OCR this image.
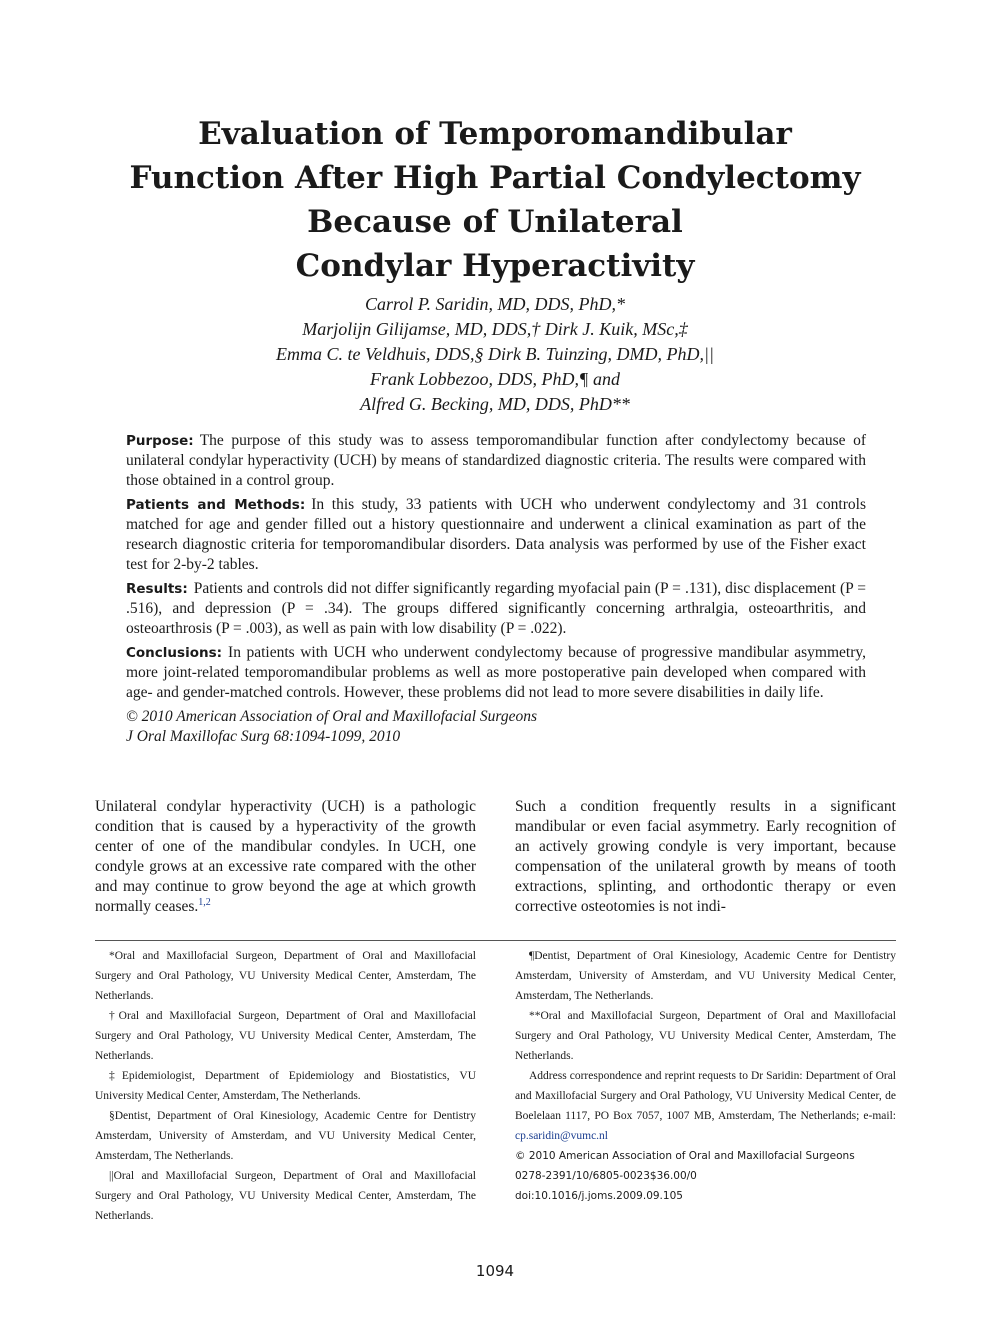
Evaluation of Temporomandibular
Function After High Partial Condylectomy
Because of Unilateral
Condylar Hyperactivity
Carrol P. Saridin, MD, DDS, PhD,*
Marjolijn Gilijamse, MD, DDS,† Dirk J. Kuik, MSc,‡
Emma C. te Veldhuis, DDS,§ Dirk B. Tuinzing, DMD, PhD,||
Frank Lobbezoo, DDS, PhD,¶ and
Alfred G. Becking, MD, DDS, PhD**

Purpose: The purpose of this study was to assess temporomandibular function after condylectomy because of unilateral condylar hyperactivity (UCH) by means of standardized diagnostic criteria. The results were compared with those obtained in a control group.

Patients and Methods: In this study, 33 patients with UCH who underwent condylectomy and 31 controls matched for age and gender filled out a history questionnaire and underwent a clinical examination as part of the research diagnostic criteria for temporomandibular disorders. Data analysis was performed by use of the Fisher exact test for 2-by-2 tables.

Results: Patients and controls did not differ significantly regarding myofacial pain (P = .131), disc displacement (P = .516), and depression (P = .34). The groups differed significantly concerning arthralgia, osteoarthritis, and osteoarthrosis (P = .003), as well as pain with low disability (P = .022).

Conclusions: In patients with UCH who underwent condylectomy because of progressive mandibular asymmetry, more joint-related temporomandibular problems as well as more postoperative pain developed when compared with age- and gender-matched controls. However, these problems did not lead to more severe disabilities in daily life.

© 2010 American Association of Oral and Maxillofacial Surgeons

J Oral Maxillofac Surg 68:1094-1099, 2010

Unilateral condylar hyperactivity (UCH) is a pathologic condition that is caused by a hyperactivity of the growth center of one of the mandibular condyles. In UCH, one condyle grows at an excessive rate compared with the other and may continue to grow beyond the age at which growth normally ceases.$^{1,2}$

Such a condition frequently results in a significant mandibular or even facial asymmetry. Early recognition of an actively growing condyle is very important, because compensation of the unilateral growth by means of tooth extractions, splinting, and orthodontic therapy or even corrective osteotomies is not indi-

*Oral and Maxillofacial Surgeon, Department of Oral and Maxillofacial Surgery and Oral Pathology, VU University Medical Center, Amsterdam, The Netherlands.

†Oral and Maxillofacial Surgeon, Department of Oral and Maxillofacial Surgery and Oral Pathology, VU University Medical Center, Amsterdam, The Netherlands.

‡Epidemiologist, Department of Epidemiology and Biostatistics, VU University Medical Center, Amsterdam, The Netherlands.

§Dentist, Department of Oral Kinesiology, Academic Centre for Dentistry Amsterdam, University of Amsterdam, and VU University Medical Center, Amsterdam, The Netherlands.

||Oral and Maxillofacial Surgeon, Department of Oral and Maxillofacial Surgery and Oral Pathology, VU University Medical Center, Amsterdam, The Netherlands.

¶Dentist, Department of Oral Kinesiology, Academic Centre for Dentistry Amsterdam, University of Amsterdam, and VU University Medical Center, Amsterdam, The Netherlands.

**Oral and Maxillofacial Surgeon, Department of Oral and Maxillofacial Surgery and Oral Pathology, VU University Medical Center, Amsterdam, The Netherlands.

Address correspondence and reprint requests to Dr Saridin: Department of Oral and Maxillofacial Surgery and Oral Pathology, VU University Medical Center, de Boelelaan 1117, PO Box 7057, 1007 MB, Amsterdam, The Netherlands; e-mail: cp.saridin@vumc.nl

© 2010 American Association of Oral and Maxillofacial Surgeons

0278-2391/10/6805-0023$36.00/0

doi:10.1016/j.joms.2009.09.105

1094
